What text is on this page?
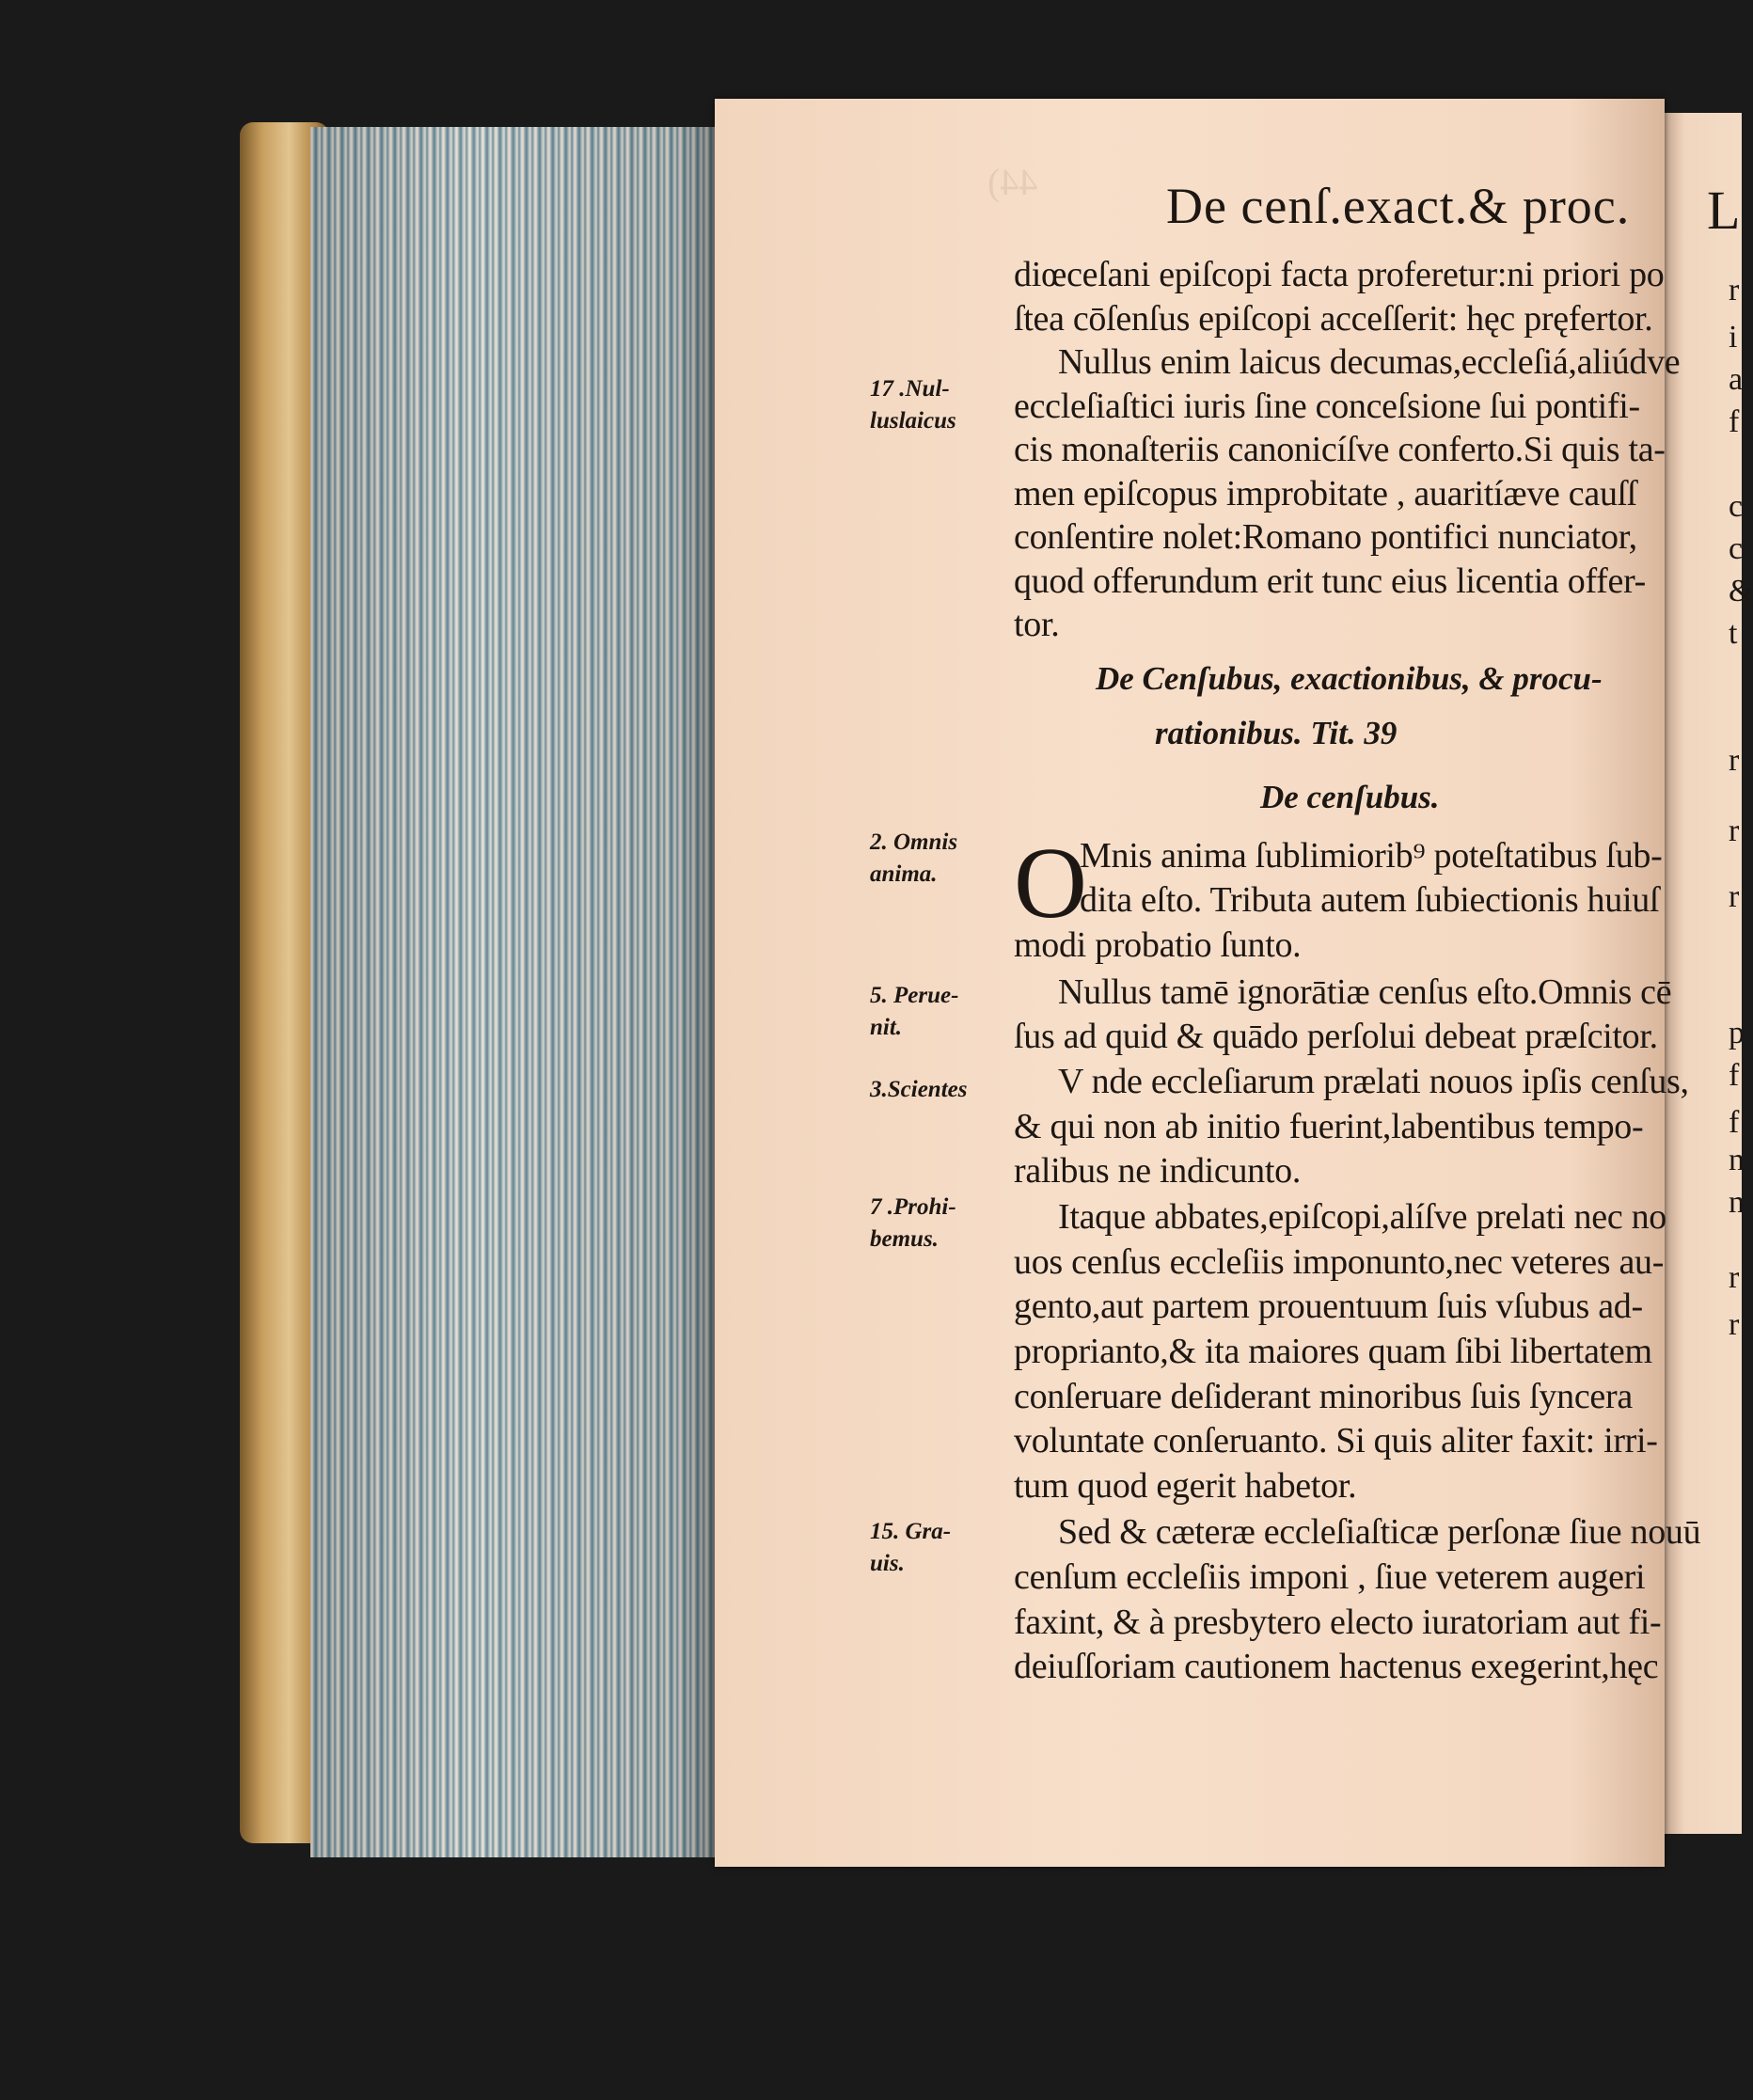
44)	De cenſ.exact.& proc. L
r
i
a
f
c
c
&
t
r
r
r
p
f
f
n
n
r
r
diœceſani epiſcopi facta proferetur:ni priori po
ſtea cōſenſus epiſcopi acceſſerit: hęc pręfertor.
Nullus enim laicus decumas,eccleſiá,aliúdve
eccleſiaſtici iuris ſine conceſsione ſui pontifi-
cis monaſteriis canonicíſve conferto.Si quis ta-
men epiſcopus improbitate , auaritíæve cauſſ
conſentire nolet:Romano pontifici nunciator,
quod offerundum erit tunc eius licentia offer-
tor.
De Cenſubus, exactionibus, & procu-
rationibus. Tit. 39
De cenſubus.
O
Mnis anima ſublimiorib⁹ poteſtatibus ſub-
dita eſto. Tributa autem ſubiectionis huiuſ
modi probatio ſunto.
Nullus tamē ignorātiæ cenſus eſto.Omnis cē
ſus ad quid & quādo perſolui debeat præſcitor.
V nde eccleſiarum prælati nouos ipſis cenſus,
& qui non ab initio fuerint,labentibus tempo-
ralibus ne indicunto.
Itaque abbates,epiſcopi,alíſve prelati nec no
uos cenſus eccleſiis imponunto,nec veteres au-
gento,aut partem prouentuum ſuis vſubus ad-
proprianto,& ita maiores quam ſibi libertatem
conſeruare deſiderant minoribus ſuis ſyncera
voluntate conſeruanto. Si quis aliter faxit: irri-
tum quod egerit habetor.
Sed & cæteræ eccleſiaſticæ perſonæ ſiue nouū
cenſum eccleſiis imponi , ſiue veterem augeri
faxint, & à presbytero electo iuratoriam aut fi-
deiuſſoriam cautionem hactenus exegerint,hęc
17 .Nul-
luslaicus
2. Omnis
anima.
5. Perue-
nit.
3.Scientes
7 .Prohi-
bemus.
15. Gra-
uis.
